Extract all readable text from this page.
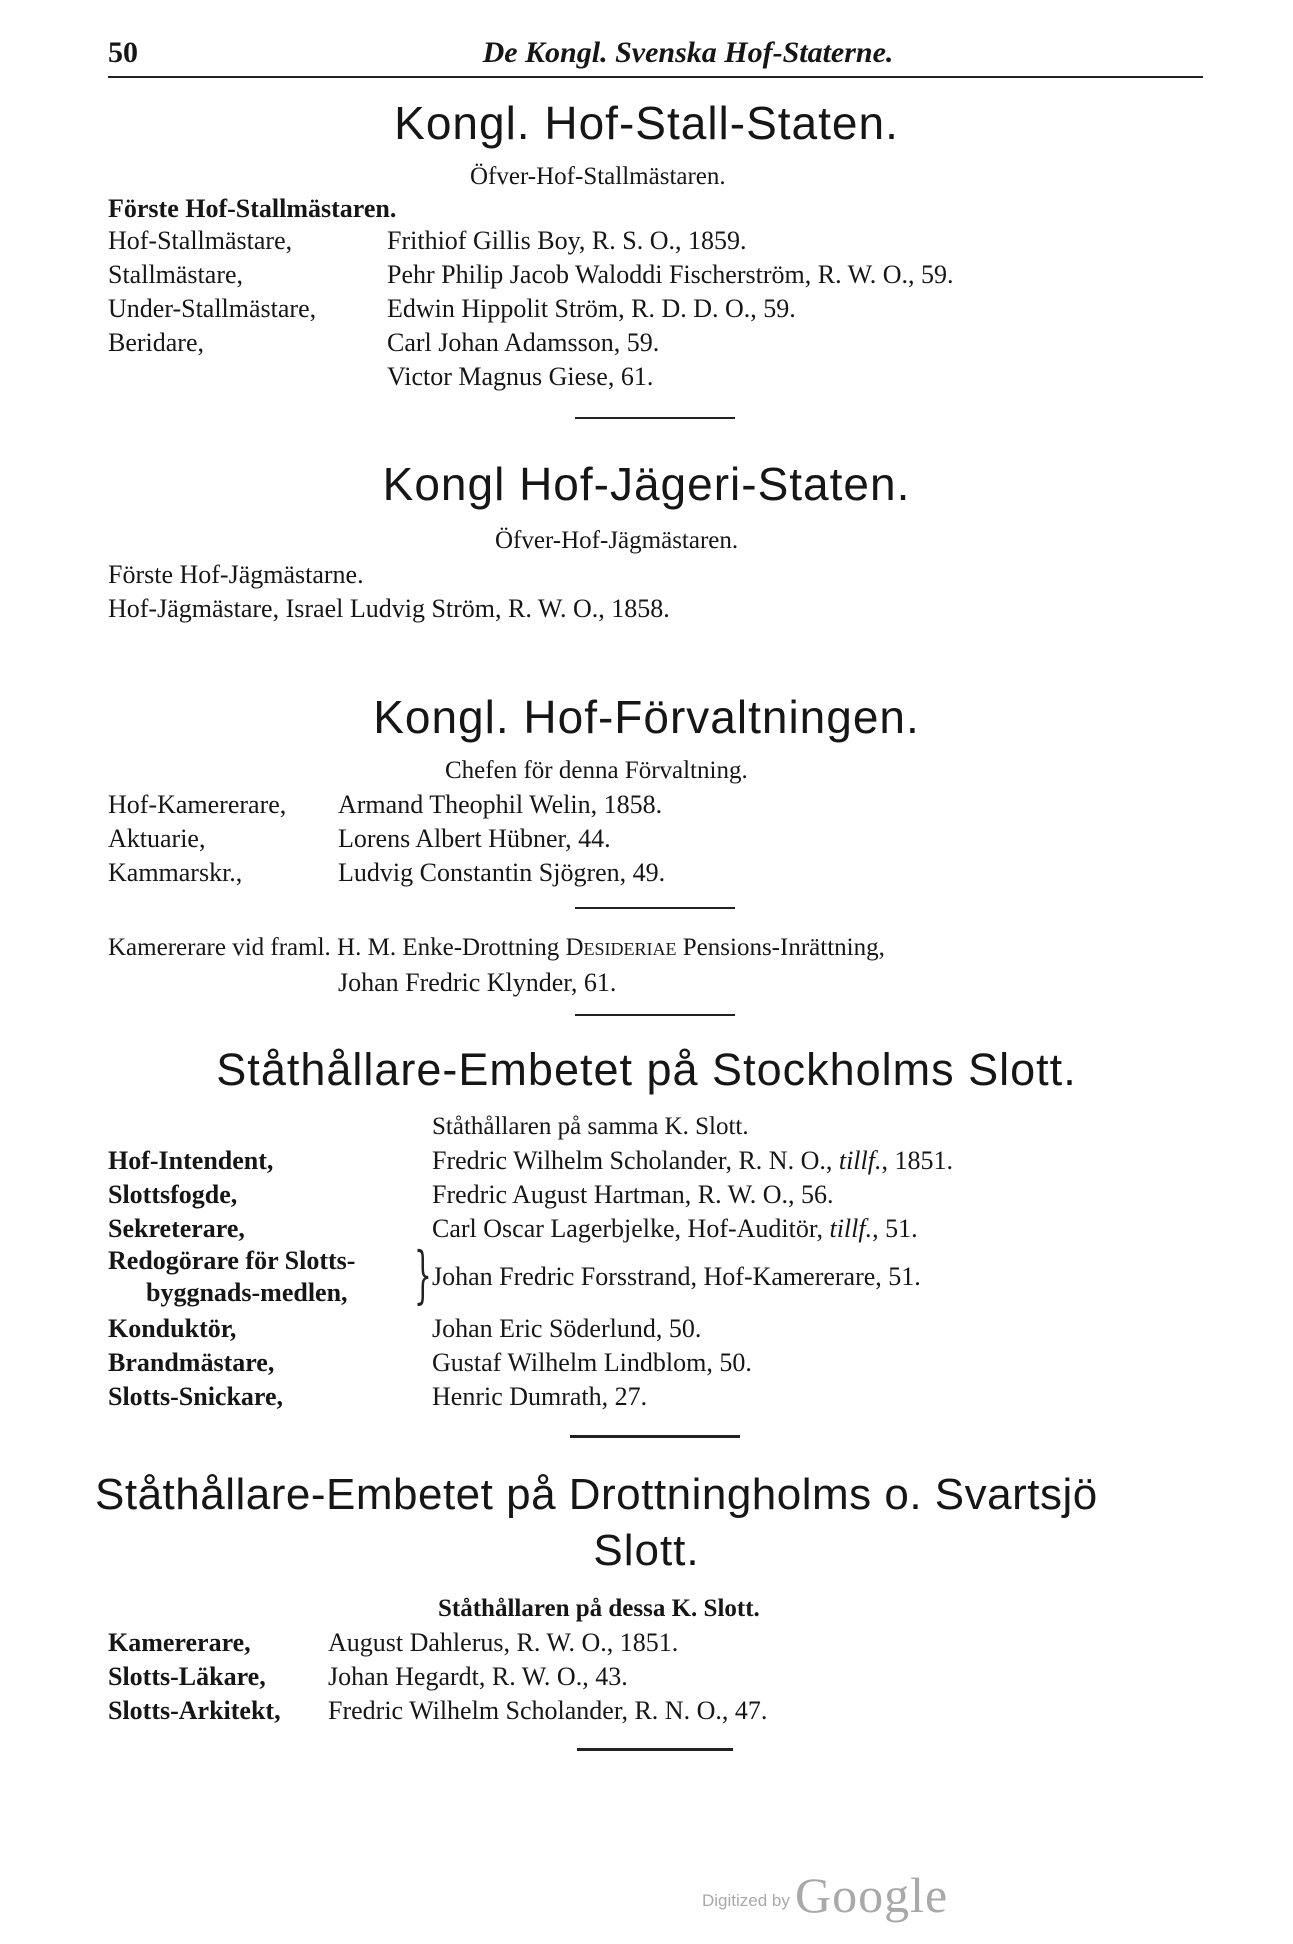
50	De Kongl. Svenska Hof-Staterne.
Kongl. Hof-Stall-Staten.
Öfver-Hof-Stallmästaren.
Förste Hof-Stallmästaren.
Hof-Stallmästare,	Frithiof Gillis Boy, R. S. O., 1859.
Stallmästare,	Pehr Philip Jacob Waloddi Fischerström, R. W. O., 59.
Under-Stallmästare,	Edwin Hippolit Ström, R. D. D. O., 59.
Beridare,	Carl Johan Adamsson, 59.
Victor Magnus Giese, 61.
Kongl Hof-Jägeri-Staten.
Öfver-Hof-Jägmästaren.
Förste Hof-Jägmästarne.
Hof-Jägmästare, Israel Ludvig Ström, R. W. O., 1858.
Kongl. Hof-Förvaltningen.
Chefen för denna Förvaltning.
Hof-Kamererare, Armand Theophil Welin, 1858.
Aktuarie,	Lorens Albert Hübner, 44.
Kammarskr.,	Ludvig Constantin Sjögren, 49.
Kamererare vid framl. H. M. Enke-Drottning Desideriae Pensions-Inrättning,
Johan Fredric Klynder, 61.
Ståthållare-Embetet på Stockholms Slott.
Ståthållaren på samma K. Slott.
Hof-Intendent,	Fredric Wilhelm Scholander, R. N. O., tillf., 1851.
Slottsfogde,	Fredric August Hartman, R. W. O., 56.
Sekreterare,	Carl Oscar Lagerbjelke, Hof-Auditör, tillf., 51.
Redogörare för Slotts-
byggnads-medlen, } Johan Fredric Forsstrand, Hof-Kamererare, 51.
Konduktör,	Johan Eric Söderlund, 50.
Brandmästare,	Gustaf Wilhelm Lindblom, 50.
Slotts-Snickare,	Henric Dumrath, 27.
Ståthållare-Embetet på Drottningholms o. Svartsjö
Slott.
Ståthållaren på dessa K. Slott.
Kamererare,	August Dahlerus, R. W. O., 1851.
Slotts-Läkare, Johan Hegardt, R. W. O., 43.
Slotts-Arkitekt, Fredric Wilhelm Scholander, R. N. O., 47.
Digitized by Google
